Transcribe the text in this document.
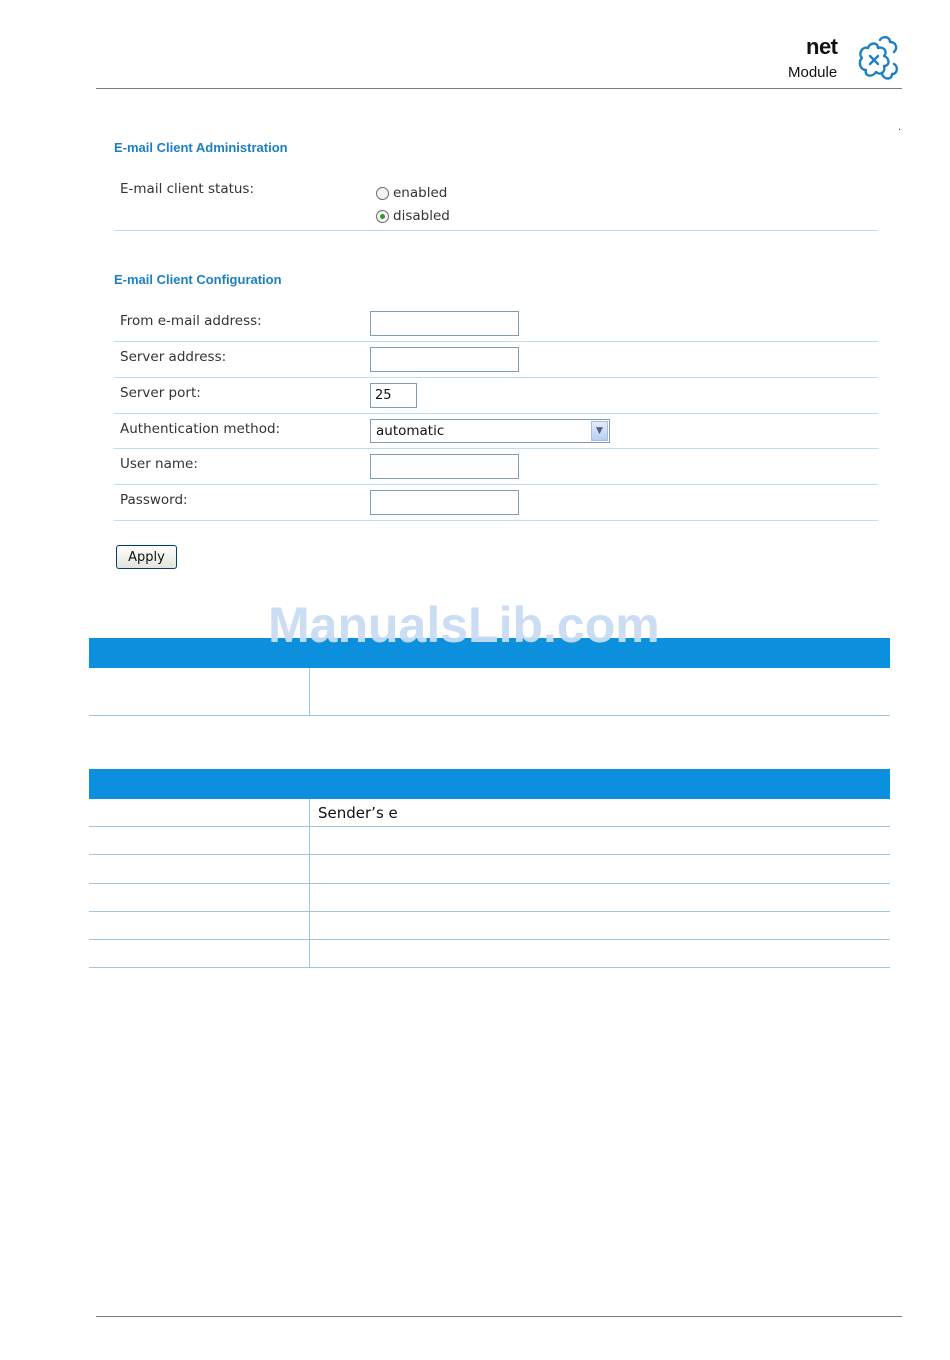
net
Module
.
E-mail Client Administration
E-mail client status:	enabled
disabled
E-mail Client Configuration
From e-mail address:
Server address:
Server port:
25
Authentication method:	automatic	▼
User name:
Password:
Apply
ManualsLib.com
Sender’s e
